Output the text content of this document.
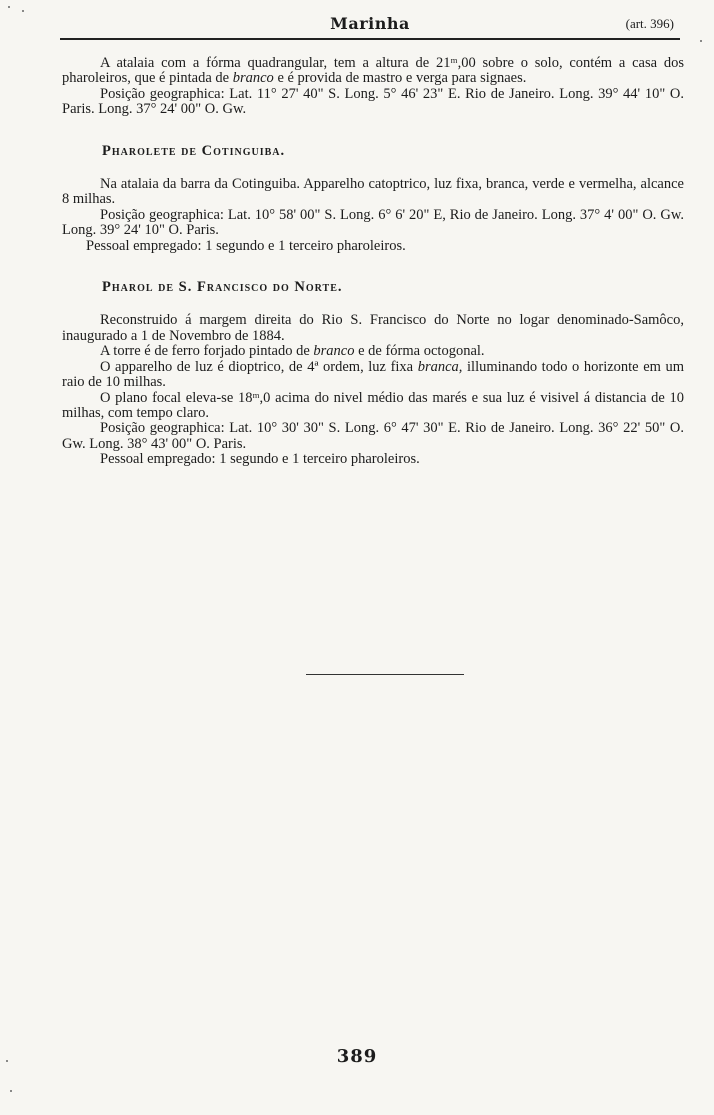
Marinha	(art. 396)

A atalaia com a fórma quadrangular, tem a altura de 21ᵐ,00 sobre o solo, contém a casa dos pharoleiros, que é pintada de branco e é provida de mastro e verga para signaes.

Posição geographica: Lat. 11° 27' 40" S. Long. 5° 46' 23" E. Rio de Janeiro. Long. 39° 44' 10" O. Paris. Long. 37° 24' 00" O. Gw.

Pharolete de Cotinguiba.

Na atalaia da barra da Cotinguiba. Apparelho catoptrico, luz fixa, branca, verde e vermelha, alcance 8 milhas.

Posição geographica: Lat. 10° 58' 00" S. Long. 6° 6' 20" E, Rio de Janeiro. Long. 37° 4' 00" O. Gw. Long. 39° 24' 10" O. Paris.

Pessoal empregado: 1 segundo e 1 terceiro pharoleiros.

Pharol de S. Francisco do Norte.

Reconstruido á margem direita do Rio S. Francisco do Norte no logar denominado-Samôco, inaugurado a 1 de Novembro de 1884.

A torre é de ferro forjado pintado de branco e de fórma octogonal.

O apparelho de luz é dioptrico, de 4ª ordem, luz fixa branca, illuminando todo o horizonte em um raio de 10 milhas.

O plano focal eleva-se 18ᵐ,0 acima do nivel médio das marés e sua luz é visivel á distancia de 10 milhas, com tempo claro.

Posição geographica: Lat. 10° 30' 30" S. Long. 6° 47' 30" E. Rio de Janeiro. Long. 36° 22' 50" O. Gw. Long. 38° 43' 00" O. Paris.

Pessoal empregado: 1 segundo e 1 terceiro pharoleiros.

389
